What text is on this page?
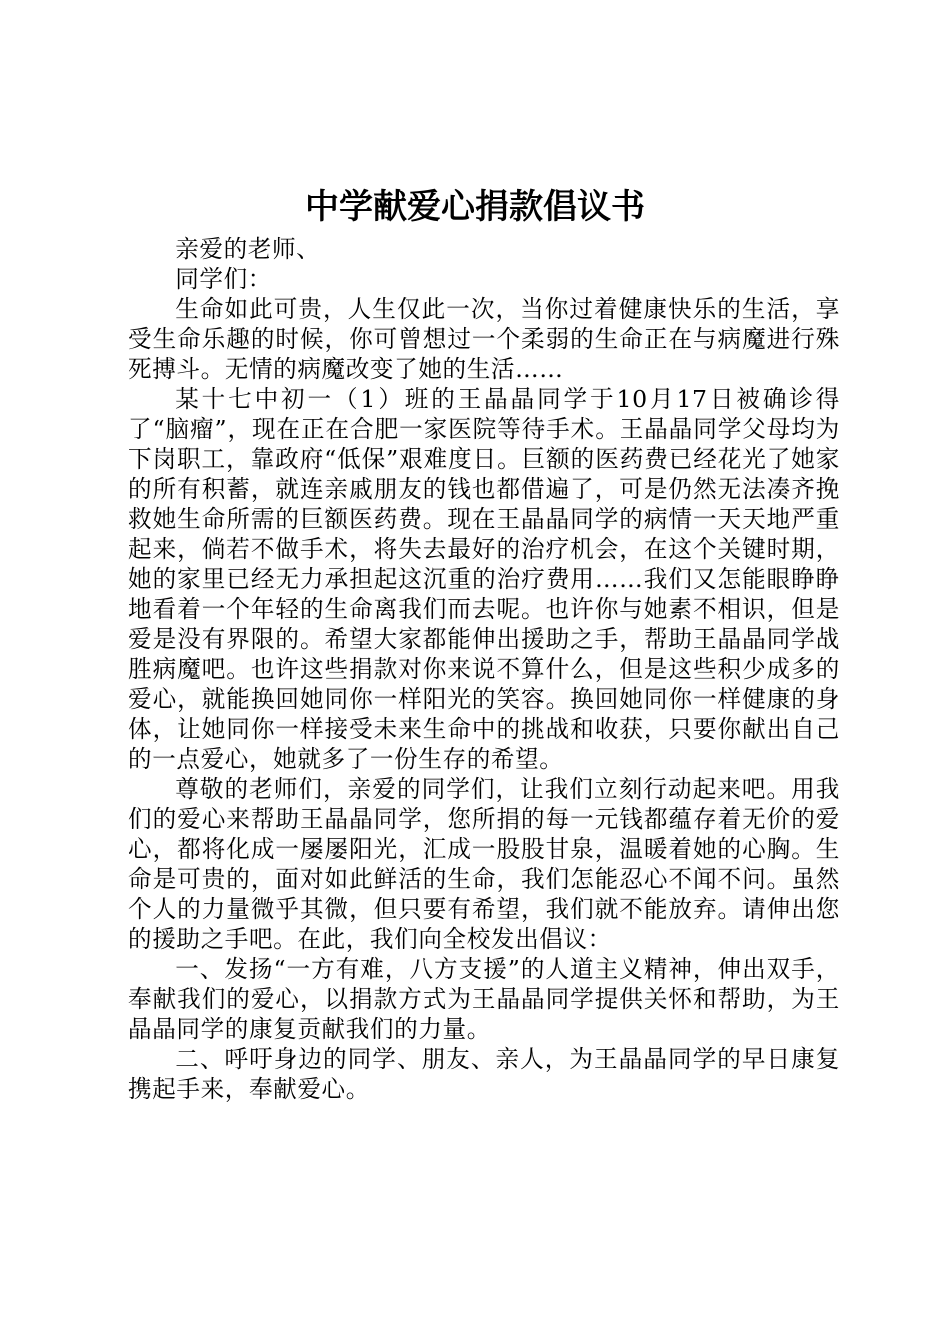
中学献爱心捐款倡议书

亲爱的老师、

同学们：

生命如此可贵，人生仅此一次，当你过着健康快乐的生活，享受生命乐趣的时候，你可曾想过一个柔弱的生命正在与病魔进行殊死搏斗。无情的病魔改变了她的生活……

某十七中初一（1）班的王晶晶同学于10月17日被确诊得了“脑瘤”，现在正在合肥一家医院等待手术。王晶晶同学父母均为下岗职工，靠政府“低保”艰难度日。巨额的医药费已经花光了她家的所有积蓄，就连亲戚朋友的钱也都借遍了，可是仍然无法凑齐挽救她生命所需的巨额医药费。现在王晶晶同学的病情一天天地严重起来，倘若不做手术，将失去最好的治疗机会，在这个关键时期，她的家里已经无力承担起这沉重的治疗费用……我们又怎能眼睁睁地看着一个年轻的生命离我们而去呢。也许你与她素不相识，但是爱是没有界限的。希望大家都能伸出援助之手，帮助王晶晶同学战胜病魔吧。也许这些捐款对你来说不算什么，但是这些积少成多的爱心，就能换回她同你一样阳光的笑容。换回她同你一样健康的身体，让她同你一样接受未来生命中的挑战和收获，只要你献出自己的一点爱心，她就多了一份生存的希望。

尊敬的老师们，亲爱的同学们，让我们立刻行动起来吧。用我们的爱心来帮助王晶晶同学，您所捐的每一元钱都蕴存着无价的爱心，都将化成一屡屡阳光，汇成一股股甘泉，温暖着她的心胸。生命是可贵的，面对如此鲜活的生命，我们怎能忍心不闻不问。虽然个人的力量微乎其微，但只要有希望，我们就不能放弃。请伸出您的援助之手吧。在此，我们向全校发出倡议：

一、发扬“一方有难，八方支援”的人道主义精神，伸出双手，奉献我们的爱心，以捐款方式为王晶晶同学提供关怀和帮助，为王晶晶同学的康复贡献我们的力量。

二、呼吁身边的同学、朋友、亲人，为王晶晶同学的早日康复携起手来，奉献爱心。
